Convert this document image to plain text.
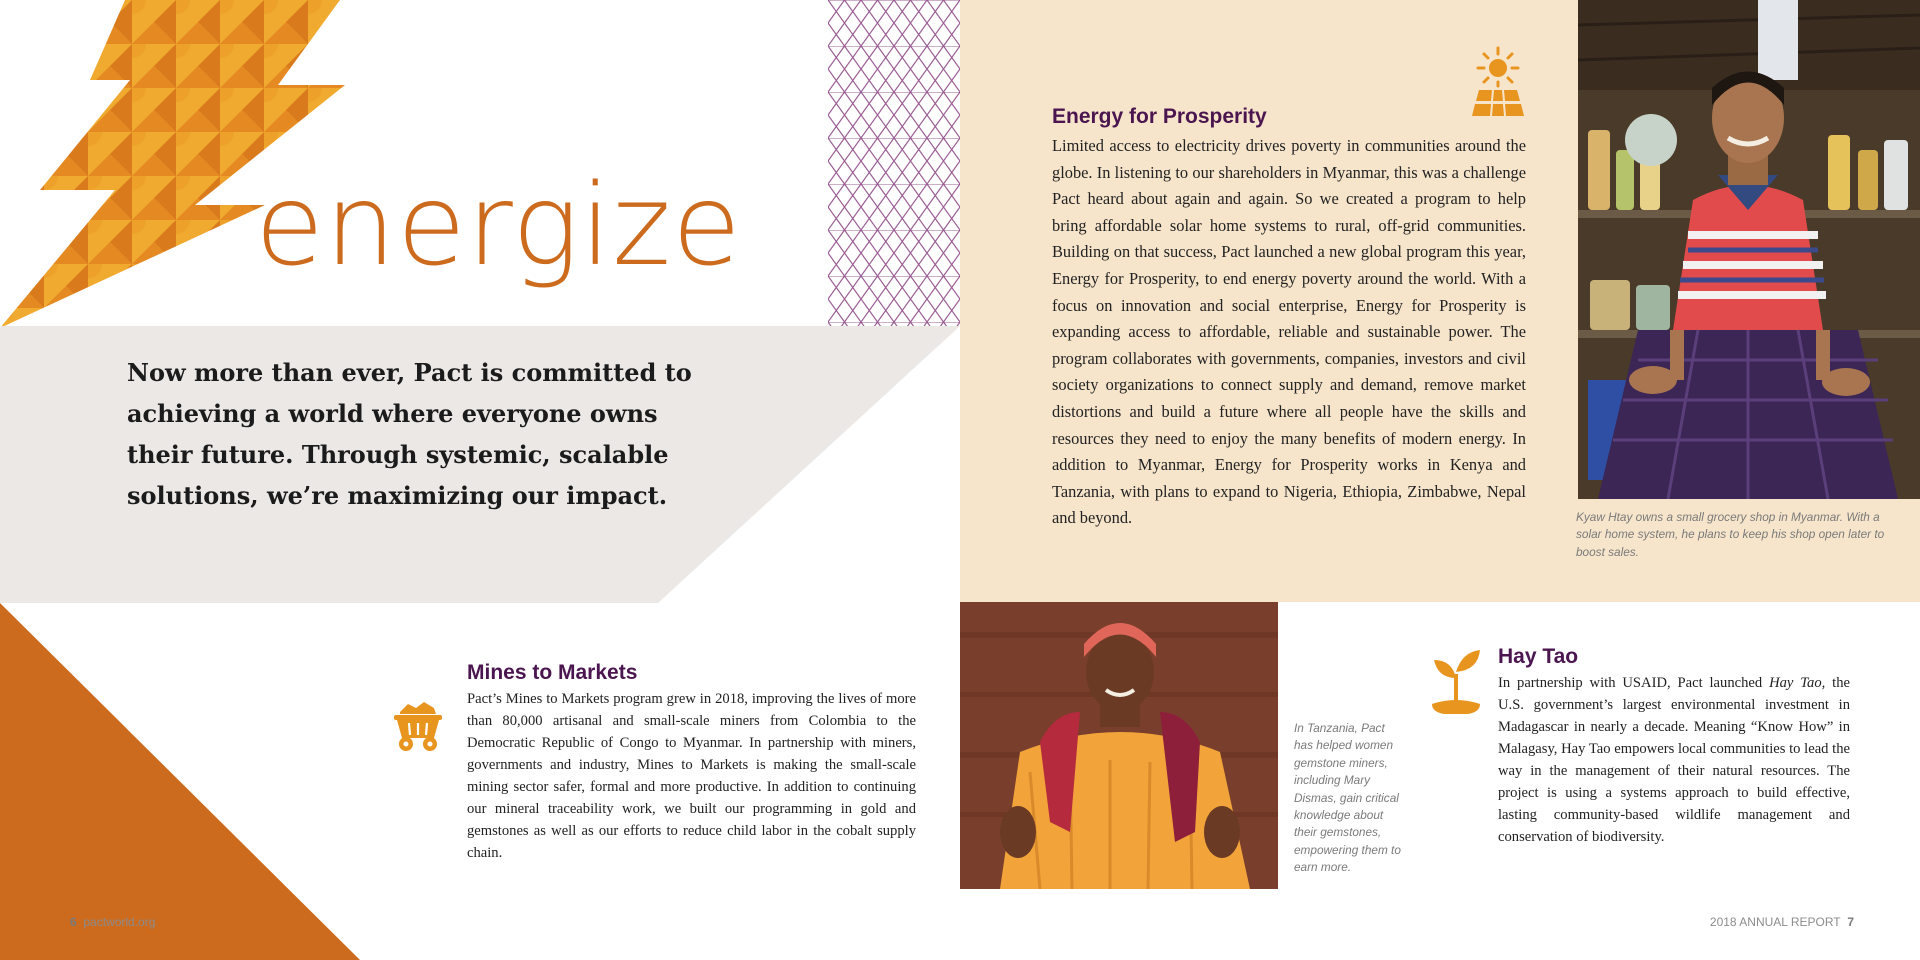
energize

Now more than ever, Pact is committed to achieving a world where everyone owns their future. Through systemic, scalable solutions, we’re maximizing our impact.

Mines to Markets

Pact’s Mines to Markets program grew in 2018, improving the lives of more than 80,000 artisanal and small-scale miners from Colombia to the Democratic Republic of Congo to Myanmar. In partnership with miners, governments and industry, Mines to Markets is making the small-scale mining sector safer, formal and more productive. In addition to continuing our mineral traceability work, we built our programming in gold and gemstones as well as our efforts to reduce child labor in the cobalt supply chain.

6 pactworld.org
Energy for Prosperity

Limited access to electricity drives poverty in communities around the globe. In listening to our shareholders in Myanmar, this was a challenge Pact heard about again and again. So we created a program to help bring affordable solar home systems to rural, off-grid communities. Building on that success, Pact launched a new global program this year, Energy for Prosperity, to end energy poverty around the world. With a focus on innovation and social enterprise, Energy for Prosperity is expanding access to affordable, reliable and sustainable power. The program collaborates with governments, companies, investors and civil society organizations to connect supply and demand, remove market distortions and build a future where all people have the skills and resources they need to enjoy the many benefits of modern energy. In addition to Myanmar, Energy for Prosperity works in Kenya and Tanzania, with plans to expand to Nigeria, Ethiopia, Zimbabwe, Nepal and beyond.	Kyaw Htay owns a small grocery shop in Myanmar. With a solar home system, he plans to keep his shop open later to boost sales.

In Tanzania, Pact has helped women gemstone miners, including Mary Dismas, gain critical knowledge about their gemstones, empowering them to earn more.

Hay Tao

In partnership with USAID, Pact launched Hay Tao, the U.S. government’s largest environmental investment in Madagascar in nearly a decade. Meaning “Know How” in Malagasy, Hay Tao empowers local communities to lead the way in the management of their natural resources. The project is using a systems approach to build effective, lasting community-based wildlife management and conservation of biodiversity.

2018 ANNUAL REPORT 7
